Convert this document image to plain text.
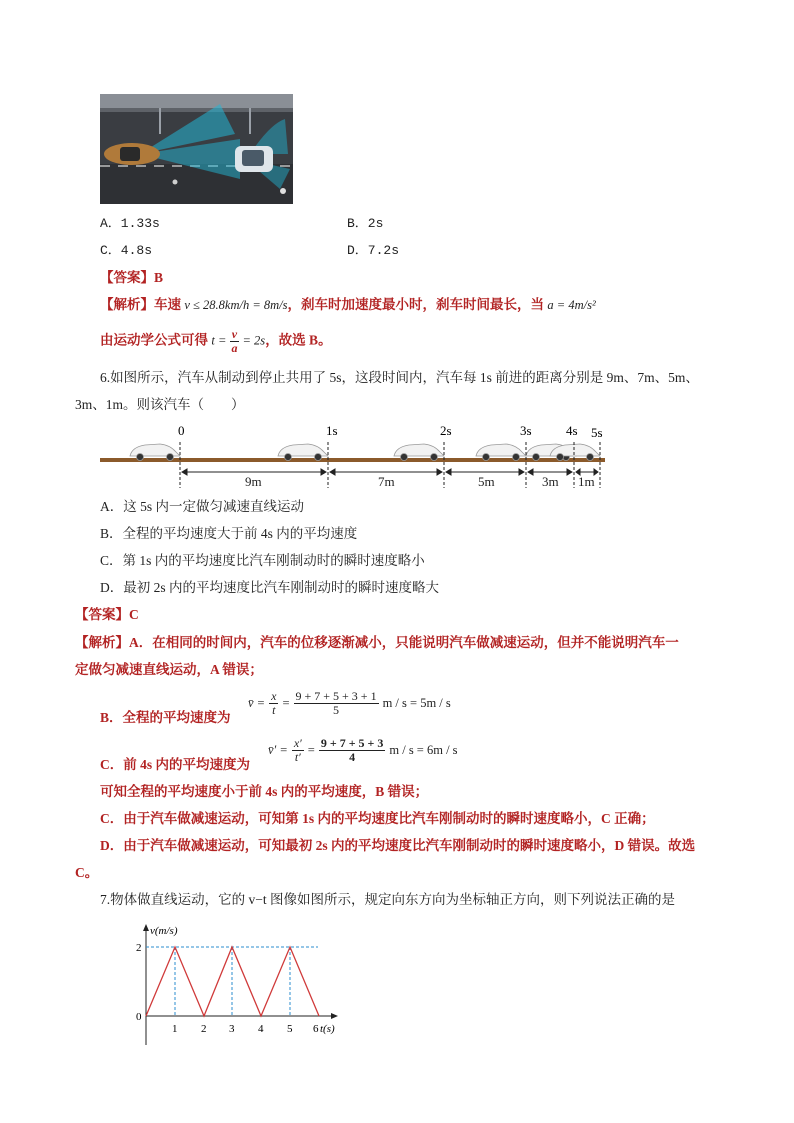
A．1.33s	B．2s
C．4.8s	D．7.2s
【答案】B
【解析】车速 v ≤ 28.8km/h = 8m/s，刹车时加速度最小时，刹车时间最长，当 a = 4m/s²
由运动学公式可得 $t = \frac{v}{a} = 2s$，故选 B。
6.如图所示，汽车从制动到停止共用了 5s，这段时间内，汽车每 1s 前进的距离分别是 9m、7m、5m、
3m、1m。则该汽车（　　）
0	1s	2s	3s	4s 5s
9m	7m	5m	3m 1m
A．这 5s 内一定做匀减速直线运动
B．全程的平均速度大于前 4s 内的平均速度
C．第 1s 内的平均速度比汽车刚制动时的瞬时速度略小
D．最初 2s 内的平均速度比汽车刚制动时的瞬时速度略大
【答案】C
【解析】A．在相同的时间内，汽车的位移逐渐减小，只能说明汽车做减速运动，但并不能说明汽车一
定做匀减速直线运动，A 错误；
B．全程的平均速度为
v̄ = $\frac{x}{t} = \frac{9 + 7 + 5 + 3 + 1}{5}$ m / s = 5m / s
C．前 4s 内的平均速度为
v̄′ = $\frac{x'}{t'} = \frac{9 + 7 + 5 + 3}{4}$ m / s = 6m / s
可知全程的平均速度小于前 4s 内的平均速度，B 错误；
C．由于汽车做减速运动，可知第 1s 内的平均速度比汽车刚制动时的瞬时速度略小，C 正确；
D．由于汽车做减速运动，可知最初 2s 内的平均速度比汽车刚制动时的瞬时速度略小，D 错误。故选
C。
7.物体做直线运动，它的 v−t 图像如图所示，规定向东方向为坐标轴正方向，则下列说法正确的是
v(m/s)
t(s)
2
0
1 2 3 4 5 6
